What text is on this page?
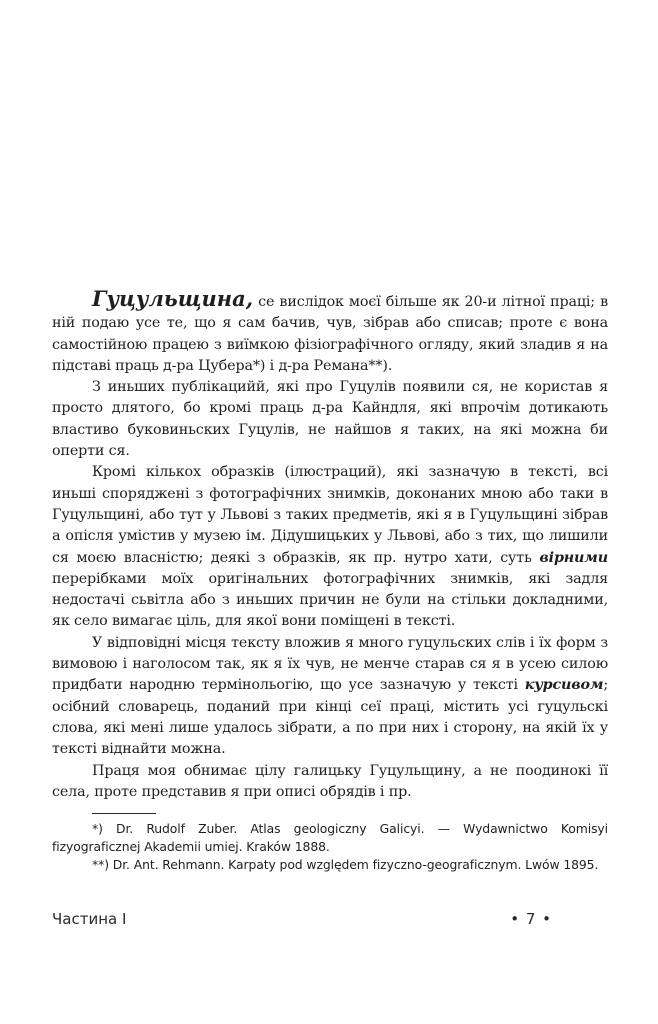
Гуцульщина, се вислідок моєї більше як 20-и літної праці; в ній подаю усе те, що я сам бачив, чув, зібрав або списав; проте є вона самостійною працею з виїмкою фізіографічного огляду, який зладив я на підставі праць д-ра Цубера*) і д-ра Ремана**).

З иньших публікацийй, які про Гуцулів появили ся, не користав я просто длятого, бо кромі праць д-ра Кайндля, які впрочім дотикають властиво буковиньских Гуцулів, не найшов я таких, на які можна би оперти ся.

Кромі кількох образків (ілюстраций), які зазначую в тексті, всі иньші споряджені з фотографічних знимків, доконаних мною або таки в Гуцульщині, або тут у Львові з таких предметів, які я в Гуцульщині зібрав а опісля умістив у музею ім. Дідушицьких у Львові, або з тих, що лишили ся моєю власністю; деякі з образків, як пр. нутро хати, суть вірними перерібками моїх оригінальних фотографічних знимків, які задля недостачі сьвітла або з иньших причин не були на стільки докладними, як село вимагає ціль, для якої вони поміщені в тексті.

У відповідні місця тексту вложив я много гуцульских слів і їх форм з вимовою і наголосом так, як я їх чув, не менче старав ся я в усею силою придбати народню термінольогію, що усе зазначую у тексті курсивом; осібний словарець, поданий при кінці сеї праці, містить усі гуцульскі слова, які мені лише удалось зібрати, а по при них і сторону, на якій їх у тексті віднайти можна.

Праця моя обнимає цілу галицьку Гуцульщину, а не поодинокі її села, проте представив я при описі обрядів і пр.

*) Dr. Rudolf Zuber. Atlas geologiczny Galicyi. — Wydawnictwo Komisyi fizyograficznej Akademii umiej. Kraków 1888.

**) Dr. Ant. Rehmann. Karpaty pod względem fizyczno-geograficznym. Lwów 1895.

Частина I	• 7 •
